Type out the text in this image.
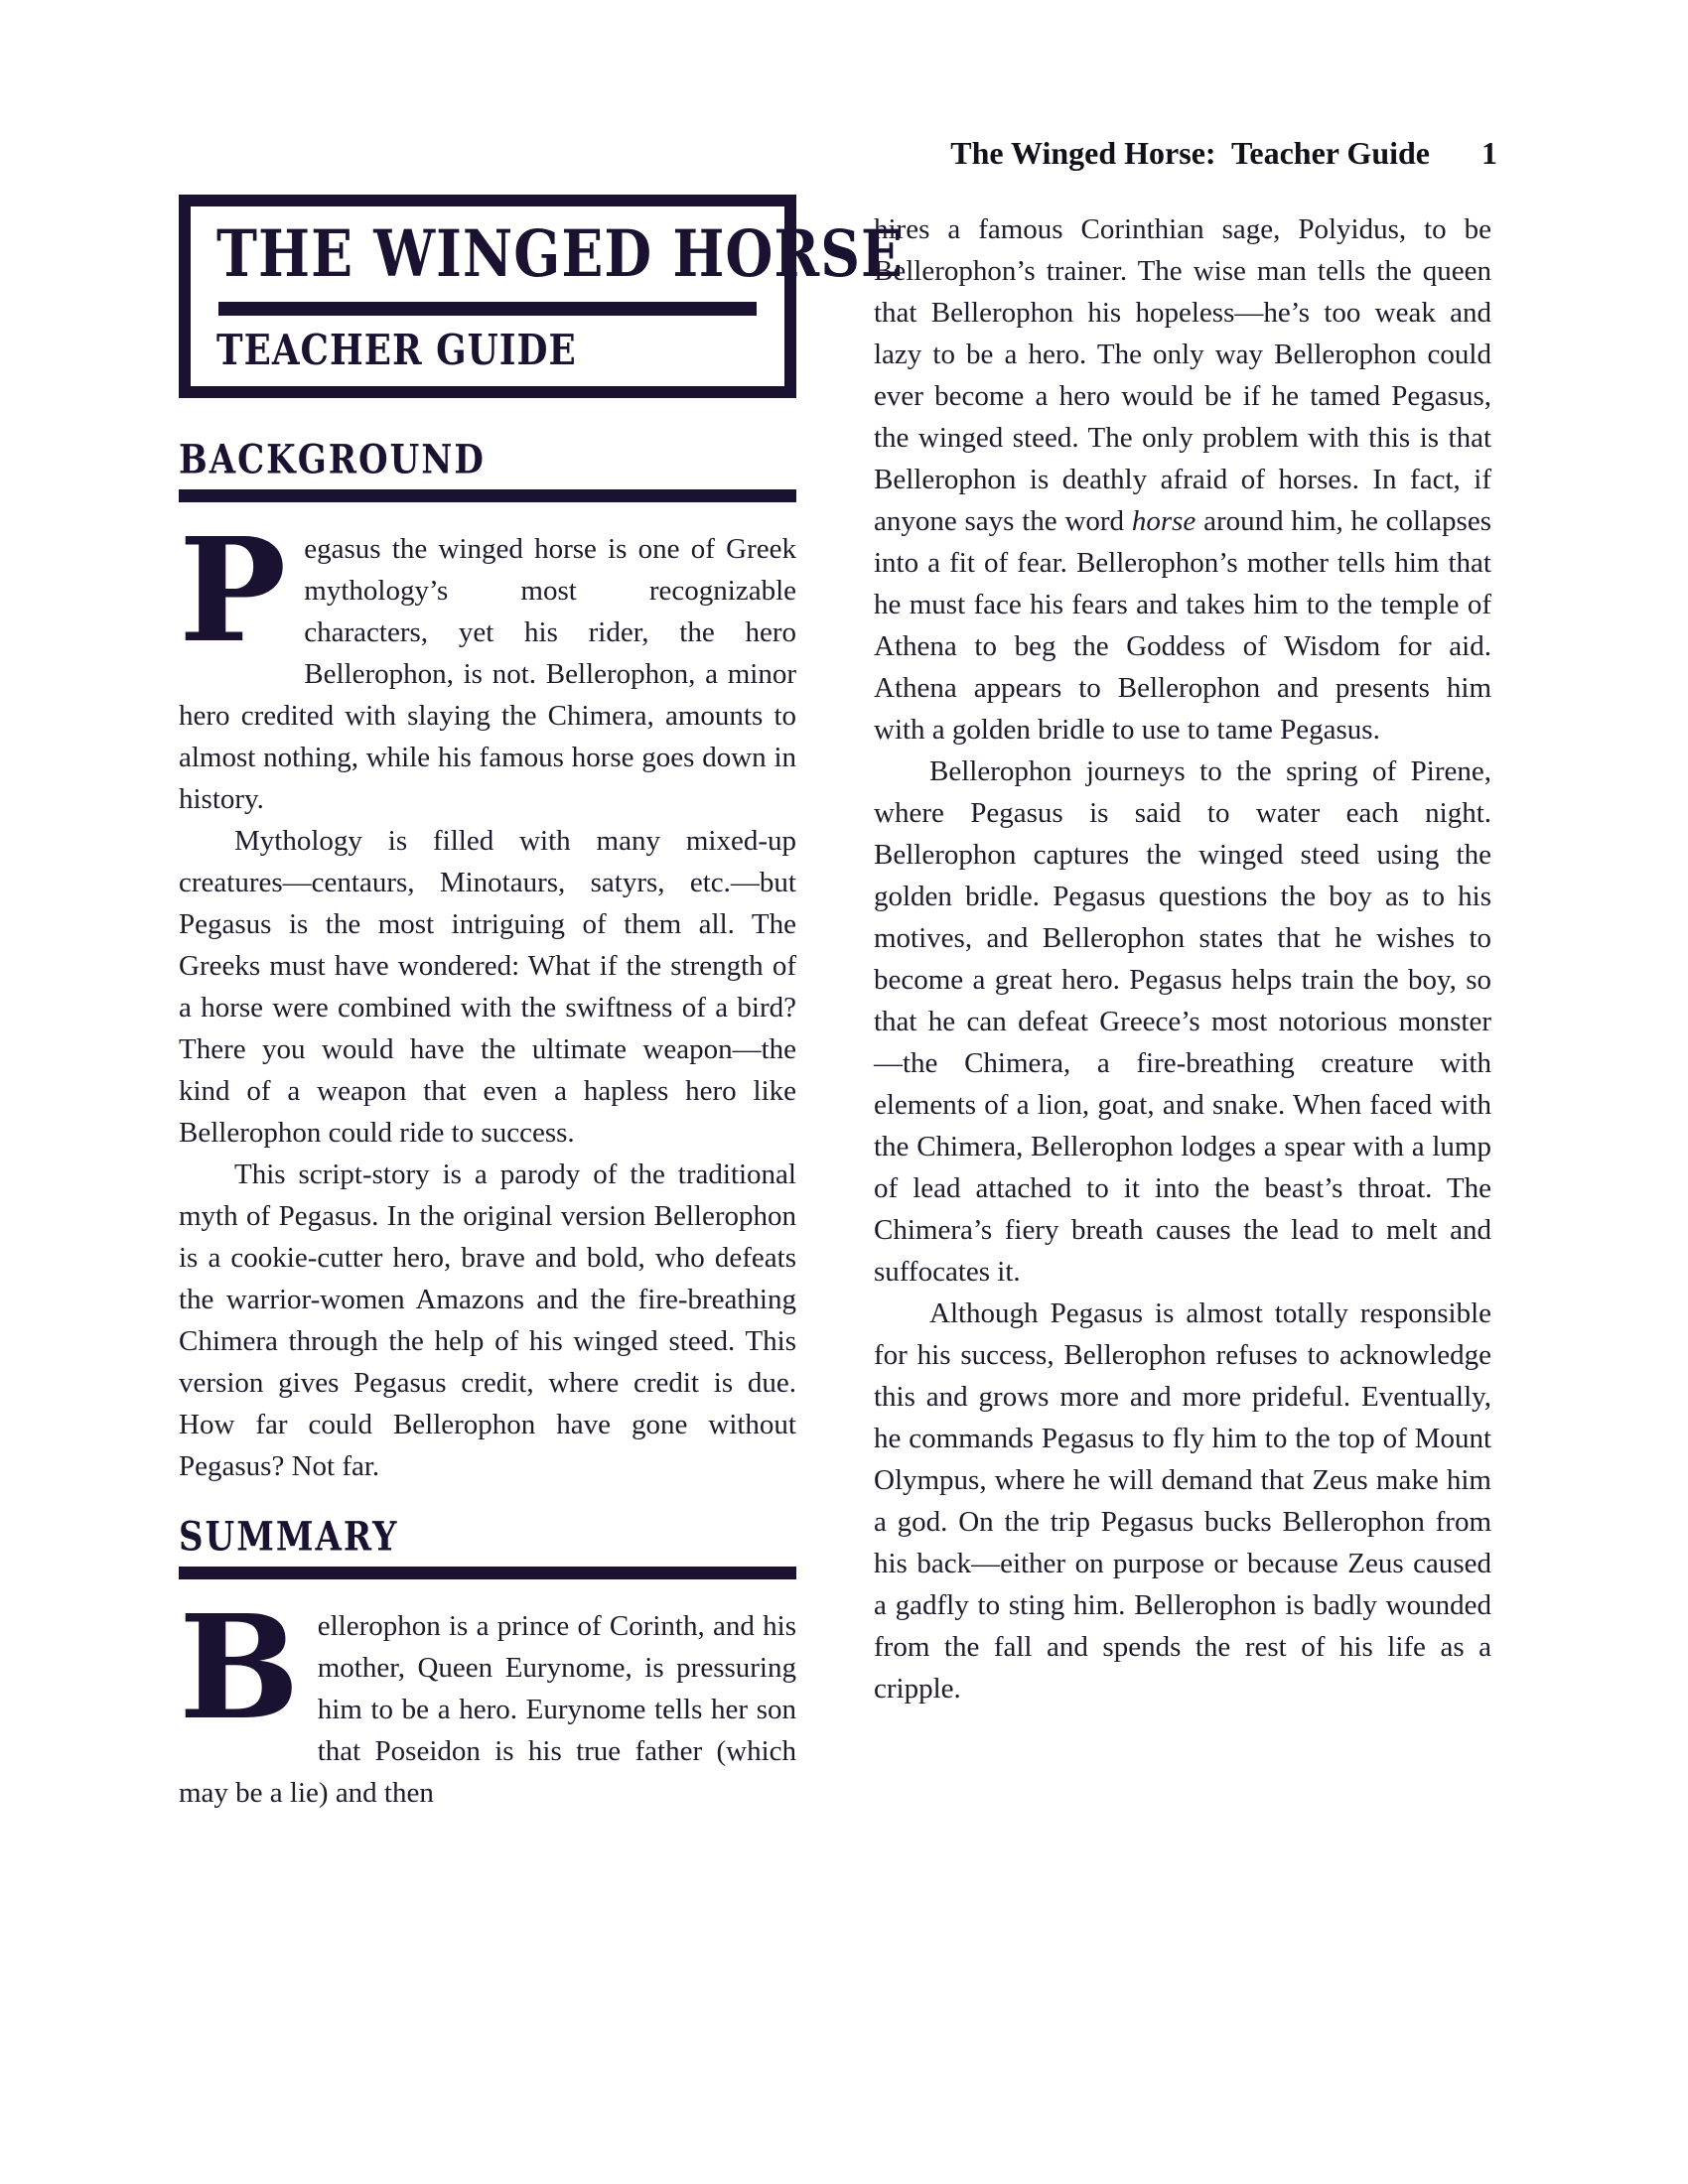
The Winged Horse:  Teacher Guide 1

THE WINGED HORSE
TEACHER GUIDE
BACKGROUND

Pegasus the winged horse is one of Greek mythology’s most recognizable characters, yet his rider, the hero Bellerophon, is not. Bellerophon, a minor hero credited with slaying the Chimera, amounts to almost nothing, while his famous horse goes down in history.

Mythology is filled with many mixed-up creatures—centaurs, Minotaurs, satyrs, etc.—but Pegasus is the most intriguing of them all. The Greeks must have wondered: What if the strength of a horse were combined with the swiftness of a bird? There you would have the ultimate weapon—the kind of a weapon that even a hapless hero like Bellerophon could ride to success.

This script-story is a parody of the traditional myth of Pegasus. In the original version Bellerophon is a cookie-cutter hero, brave and bold, who defeats the warrior-women Amazons and the fire-breathing Chimera through the help of his winged steed. This version gives Pegasus credit, where credit is due. How far could Bellerophon have gone without Pegasus? Not far.

SUMMARY

Bellerophon is a prince of Corinth, and his mother, Queen Eurynome, is pressuring him to be a hero. Eurynome tells her son that Poseidon is his true father (which may be a lie) and then

hires a famous Corinthian sage, Polyidus, to be Bellerophon’s trainer. The wise man tells the queen that Bellerophon his hopeless—he’s too weak and lazy to be a hero. The only way Bellerophon could ever become a hero would be if he tamed Pegasus, the winged steed. The only problem with this is that Bellerophon is deathly afraid of horses. In fact, if anyone says the word horse around him, he collapses into a fit of fear. Bellerophon’s mother tells him that he must face his fears and takes him to the temple of Athena to beg the Goddess of Wisdom for aid. Athena appears to Bellerophon and presents him with a golden bridle to use to tame Pegasus.

Bellerophon journeys to the spring of Pirene, where Pegasus is said to water each night. Bellerophon captures the winged steed using the golden bridle. Pegasus questions the boy as to his motives, and Bellerophon states that he wishes to become a great hero. Pegasus helps train the boy, so that he can defeat Greece’s most notorious monster—the Chimera, a fire-breathing creature with elements of a lion, goat, and snake. When faced with the Chimera, Bellerophon lodges a spear with a lump of lead attached to it into the beast’s throat. The Chimera’s fiery breath causes the lead to melt and suffocates it.

Although Pegasus is almost totally responsible for his success, Bellerophon refuses to acknowledge this and grows more and more prideful. Eventually, he commands Pegasus to fly him to the top of Mount Olympus, where he will demand that Zeus make him a god. On the trip Pegasus bucks Bellerophon from his back—either on purpose or because Zeus caused a gadfly to sting him. Bellerophon is badly wounded from the fall and spends the rest of his life as a cripple.
